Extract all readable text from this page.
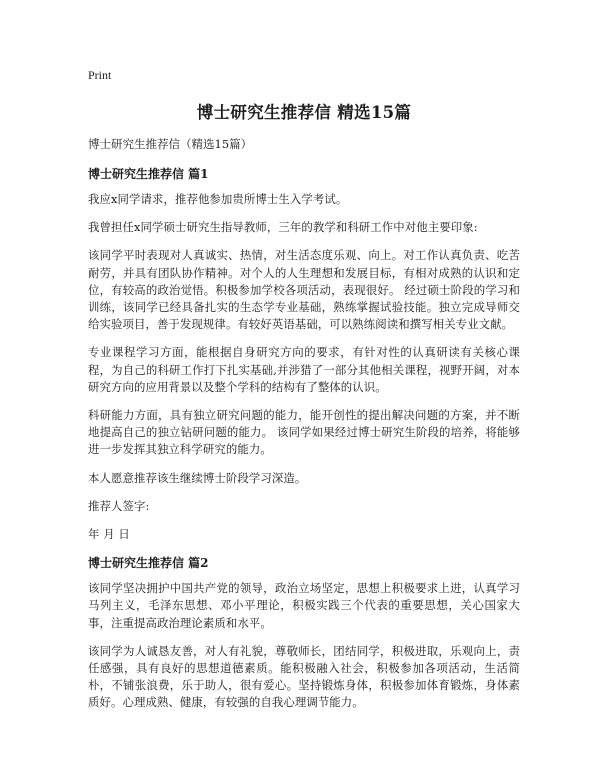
Print
博士研究生推荐信 精选15篇

博士研究生推荐信（精选15篇）

博士研究生推荐信 篇1

我应x同学请求，推荐他参加贵所博士生入学考试。

我曾担任x同学硕士研究生指导教师，三年的教学和科研工作中对他主要印象:

该同学平时表现对人真诚实、热情，对生活态度乐观、向上。对工作认真负责、吃苦耐劳，并具有团队协作精神。对个人的人生理想和发展目标，有相对成熟的认识和定位，有较高的政治觉悟。积极参加学校各项活动，表现很好。 经过硕士阶段的学习和训练，该同学已经具备扎实的生态学专业基础，熟练掌握试验技能。独立完成导师交给实验项目，善于发现规律。有较好英语基础，可以熟练阅读和撰写相关专业文献。

专业课程学习方面，能根据自身研究方向的要求，有针对性的认真研读有关核心课程，为自己的科研工作打下扎实基础,并涉猎了一部分其他相关课程，视野开阔，对本研究方向的应用背景以及整个学科的结构有了整体的认识。

科研能力方面，具有独立研究问题的能力，能开创性的提出解决问题的方案，并不断地提高自己的独立钻研问题的能力。 该同学如果经过博士研究生阶段的培养，将能够进一步发挥其独立科学研究的能力。

本人愿意推荐该生继续博士阶段学习深造。

推荐人签字:

年 月 日

博士研究生推荐信 篇2

该同学坚决拥护中国共产党的领导，政治立场坚定，思想上积极要求上进，认真学习马列主义，毛泽东思想、邓小平理论，积极实践三个代表的重要思想，关心国家大事，注重提高政治理论素质和水平。

该同学为人诚恳友善，对人有礼貌，尊敬师长，团结同学，积极进取，乐观向上，责任感强，具有良好的思想道德素质。能积极融入社会，积极参加各项活动，生活简朴，不铺张浪费，乐于助人，很有爱心。坚持锻炼身体，积极参加体育锻炼，身体素质好。心理成熟、健康，有较强的自我心理调节能力。
